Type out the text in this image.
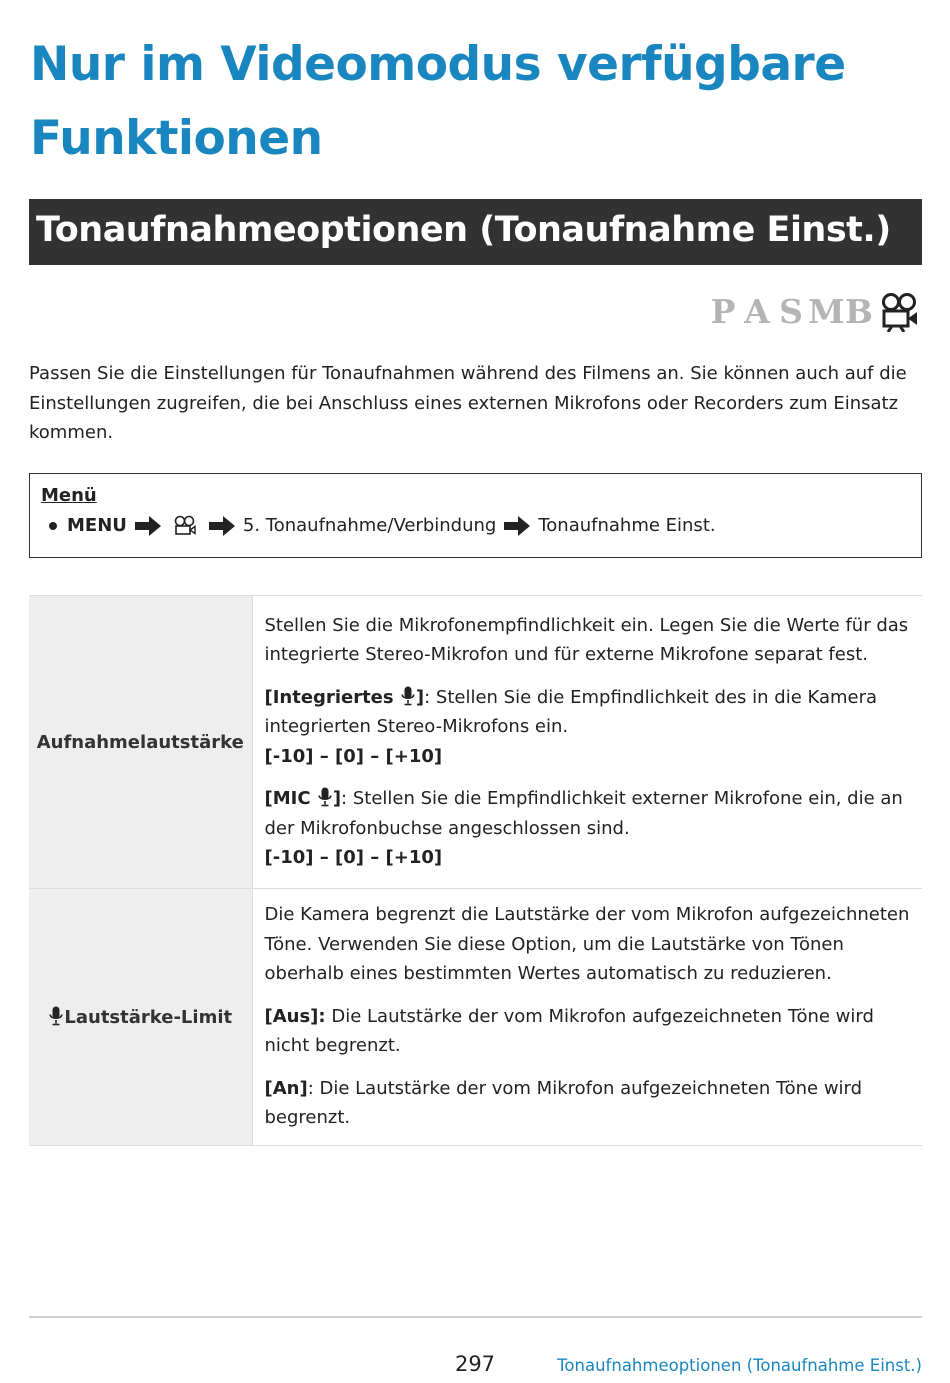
Nur im Videomodus verfügbare Funktionen
Tonaufnahmeoptionen (Tonaufnahme Einst.)
P A S M B

Passen Sie die Einstellungen für Tonaufnahmen während des Filmens an. Sie können auch auf die Einstellungen zugreifen, die bei Anschluss eines externen Mikrofons oder Recorders zum Einsatz kommen.

Menü
MENU	5. Tonaufnahme/Verbindung Tonaufnahme Einst.
Aufnahmelautstärke	Stellen Sie die Mikrofonempfindlichkeit ein. Legen Sie die Werte für das integrierte Stereo-Mikrofon und für externe Mikrofone separat fest.

[Integriertes ]: Stellen Sie die Empfindlichkeit des in die Kamera integrierten Stereo-Mikrofons ein.
[-10] – [0] – [+10]

[MIC ]: Stellen Sie die Empfindlichkeit externer Mikrofone ein, die an der Mikrofonbuchse angeschlossen sind.
[-10] – [0] – [+10]

Lautstärke-Limit	Die Kamera begrenzt die Lautstärke der vom Mikrofon aufgezeichneten Töne. Verwenden Sie diese Option, um die Lautstärke von Tönen oberhalb eines bestimmten Wertes automatisch zu reduzieren.

[Aus]: Die Lautstärke der vom Mikrofon aufgezeichneten Töne wird nicht begrenzt.

[An]: Die Lautstärke der vom Mikrofon aufgezeichneten Töne wird begrenzt.

297	Tonaufnahmeoptionen (Tonaufnahme Einst.)
